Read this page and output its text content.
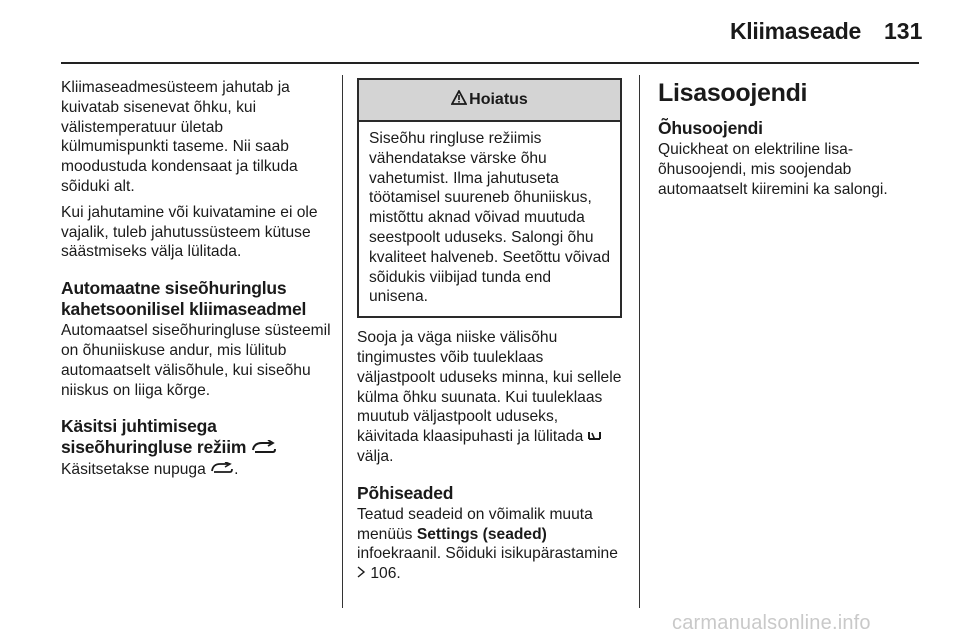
Kliimaseade 131

Kliimaseadmesüsteem jahutab ja kuivatab sisenevat õhku, kui välistemperatuur ületab külmumispunkti taseme. Nii saab moodustuda kondensaat ja tilkuda sõiduki alt.

Kui jahutamine või kuivatamine ei ole vajalik, tuleb jahutussüsteem kütuse säästmiseks välja lülitada.

Automaatne siseõhuringlus
kahetsoonilisel kliimaseadmel

Automaatsel siseõhuringluse süsteemil on õhuniiskuse andur, mis lülitub automaatselt välisõhule, kui siseõhu niiskus on liiga kõrge.

Käsitsi juhtimisega
siseõhuringluse režiim

Käsitsetakse nupuga .

Hoiatus
Siseõhu ringluse režiimis vähendatakse värske õhu vahetumist. Ilma jahutuseta töötamisel suureneb õhuniiskus, mistõttu aknad võivad muutuda seestpoolt uduseks. Salongi õhu kvaliteet halveneb. Seetõttu võivad sõidukis viibijad tunda end unisena.

Sooja ja väga niiske välisõhu tingimustes võib tuuleklaas väljastpoolt uduseks minna, kui sellele külma õhku suunata. Kui tuuleklaas muutub väljastpoolt uduseks, käivitada klaasipuhasti ja lülitada  välja.

Põhiseaded

Teatud seadeid on võimalik muuta menüüs Settings (seaded)
infoekraanil. Sõiduki isikupärastamine  106.

Lisasoojendi
Õhusoojendi

Quickheat on elektriline lisa-õhusoojendi, mis soojendab automaatselt kiiremini ka salongi.

carmanualsonline.info
